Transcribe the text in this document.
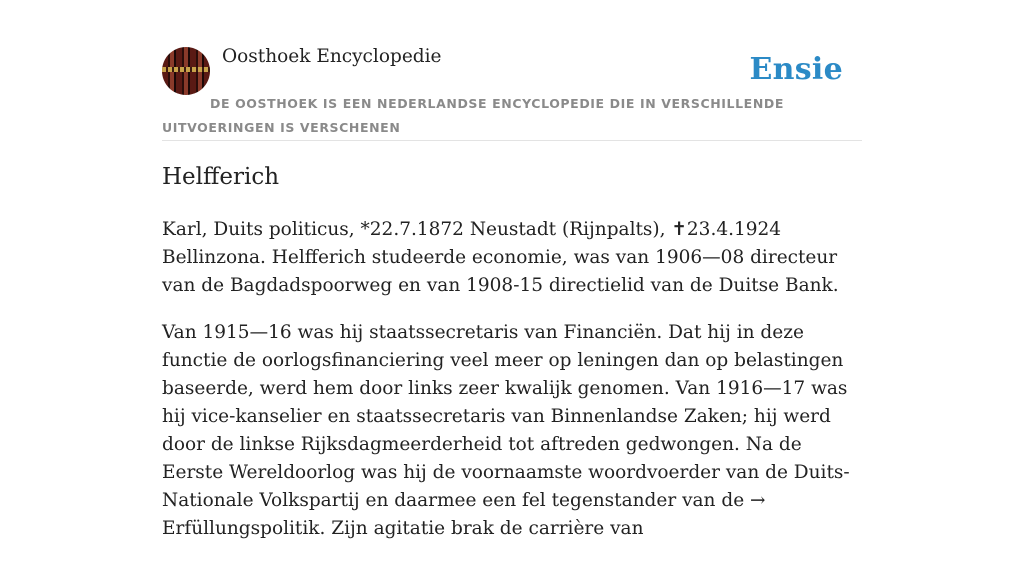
Oosthoek Encyclopedie	Ensie
DE OOSTHOEK IS EEN NEDERLANDSE ENCYCLOPEDIE DIE IN VERSCHILLENDE UITVOERINGEN IS VERSCHENEN
Helfferich

Karl, Duits politicus, *22.7.1872 Neustadt (Rijnpalts), ✝23.4.1924 Bellinzona. Helfferich studeerde economie, was van 1906—08 directeur van de Bagdadspoorweg en van 1908-15 directielid van de Duitse Bank.

Van 1915—16 was hij staatssecretaris van Financiën. Dat hij in deze functie de oorlogsfinanciering veel meer op leningen dan op belastingen baseerde, werd hem door links zeer kwalijk genomen. Van 1916—17 was hij vice-kanselier en staatssecretaris van Binnenlandse Zaken; hij werd door de linkse Rijksdagmeerderheid tot aftreden gedwongen. Na de Eerste Wereldoorlog was hij de voornaamste woordvoerder van de Duits-Nationale Volkspartij en daarmee een fel tegenstander van de → Erfüllungspolitik. Zijn agitatie brak de carrière van
